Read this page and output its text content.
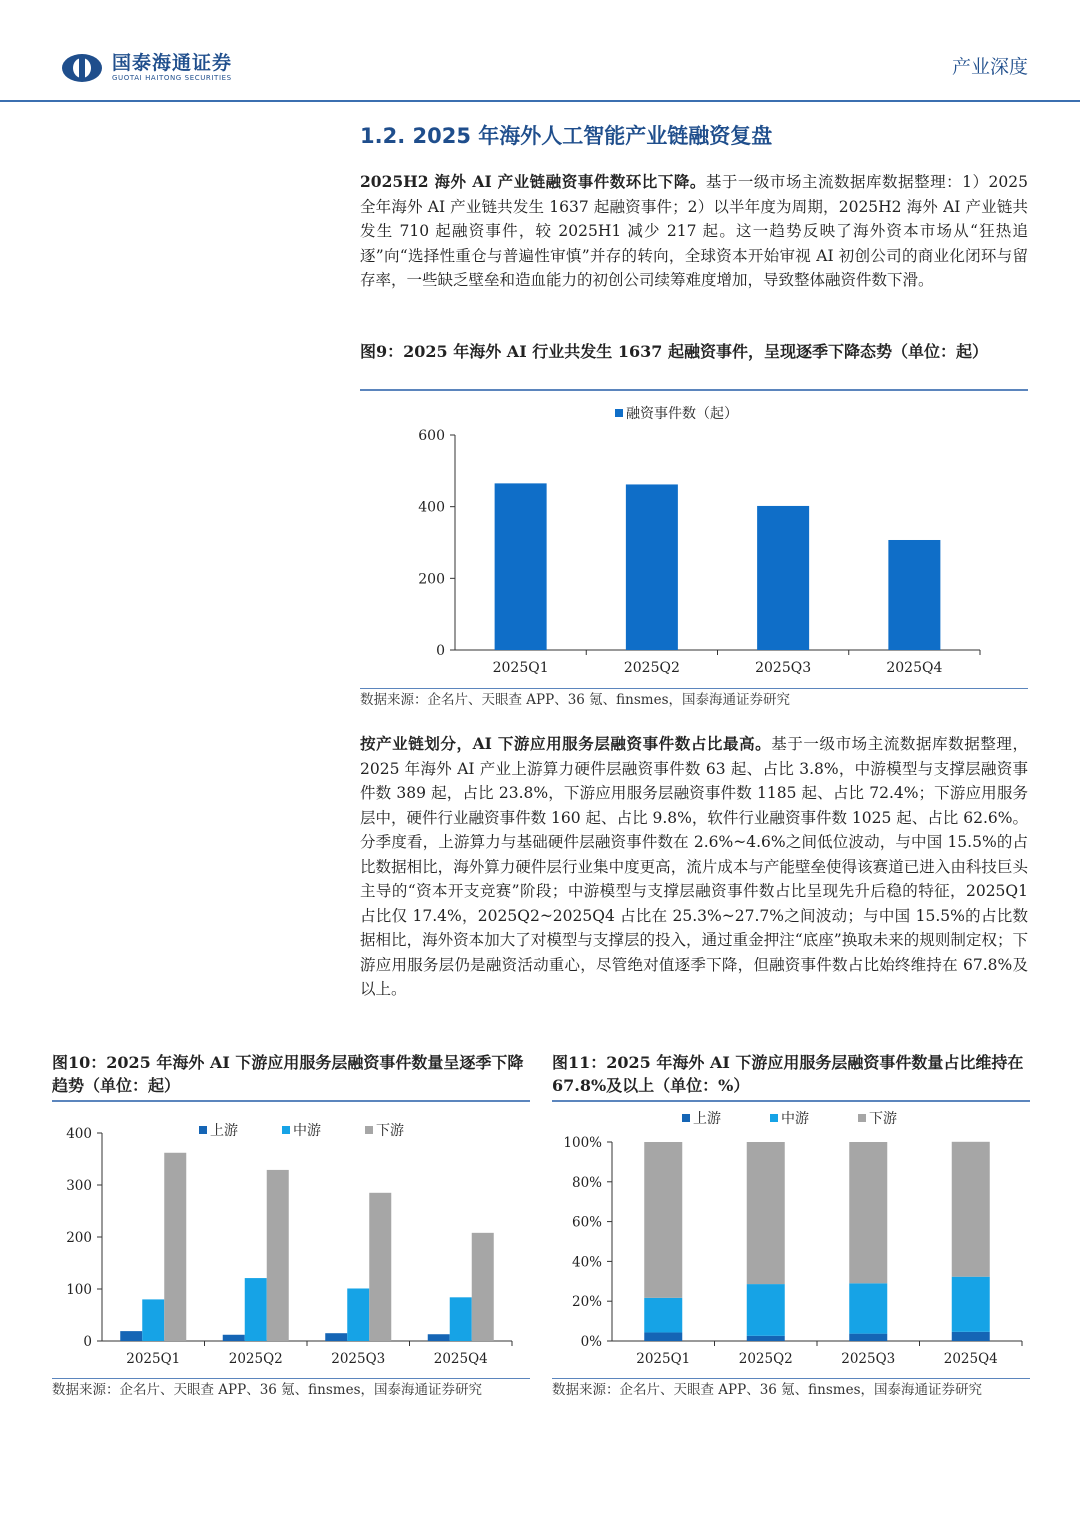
国泰海通证券
GUOTAI HAITONG SECURITIES	产业深度
1.2. 2025 年海外人工智能产业链融资复盘
2025H2 海外 AI 产业链融资事件数环比下降。基于一级市场主流数据库数据整理：1）2025 全年海外 AI 产业链共发生 1637 起融资事件；2）以半年度为周期，2025H2 海外 AI 产业链共发生 710 起融资事件，较 2025H1 减少 217 起。这一趋势反映了海外资本市场从“狂热追逐”向“选择性重仓与普遍性审慎”并存的转向，全球资本开始审视 AI 初创公司的商业化闭环与留存率，一些缺乏壁垒和造血能力的初创公司续筹难度增加，导致整体融资件数下滑。
图9：2025 年海外 AI 行业共发生 1637 起融资事件，呈现逐季下降态势（单位：起）
0
200
400
600
2025Q1	2025Q2	2025Q3	2025Q4
融资事件数（起）
数据来源：企名片、天眼查 APP、36 氪、finsmes，国泰海通证券研究
按产业链划分，AI 下游应用服务层融资事件数占比最高。基于一级市场主流数据库数据整理，2025 年海外 AI 产业上游算力硬件层融资事件数 63 起、占比 3.8%，中游模型与支撑层融资事件数 389 起，占比 23.8%，下游应用服务层融资事件数 1185 起、占比 72.4%；下游应用服务层中，硬件行业融资事件数 160 起、占比 9.8%，软件行业融资事件数 1025 起、占比 62.6%。分季度看，上游算力与基础硬件层融资事件数在 2.6%~4.6%之间低位波动，与中国 15.5%的占比数据相比，海外算力硬件层行业集中度更高，流片成本与产能壁垒使得该赛道已进入由科技巨头主导的“资本开支竞赛”阶段；中游模型与支撑层融资事件数占比呈现先升后稳的特征，2025Q1 占比仅 17.4%，2025Q2~2025Q4 占比在 25.3%~27.7%之间波动；与中国 15.5%的占比数据相比，海外资本加大了对模型与支撑层的投入，通过重金押注“底座”换取未来的规则制定权；下游应用服务层仍是融资活动重心，尽管绝对值逐季下降，但融资事件数占比始终维持在 67.8%及以上。
图10：2025 年海外 AI 下游应用服务层融资事件数量呈逐季下降趋势（单位：起）
0
100
200
300
400
2025Q1	2025Q2	2025Q3	2025Q4
上游	中游	下游
数据来源：企名片、天眼查 APP、36 氪、finsmes，国泰海通证券研究
图11：2025 年海外 AI 下游应用服务层融资事件数量占比维持在 67.8%及以上（单位：%）
0%
20%
40%
60%
80%
100%
2025Q1	2025Q2	2025Q3	2025Q4
上游	中游	下游
数据来源：企名片、天眼查 APP、36 氪、finsmes，国泰海通证券研究
